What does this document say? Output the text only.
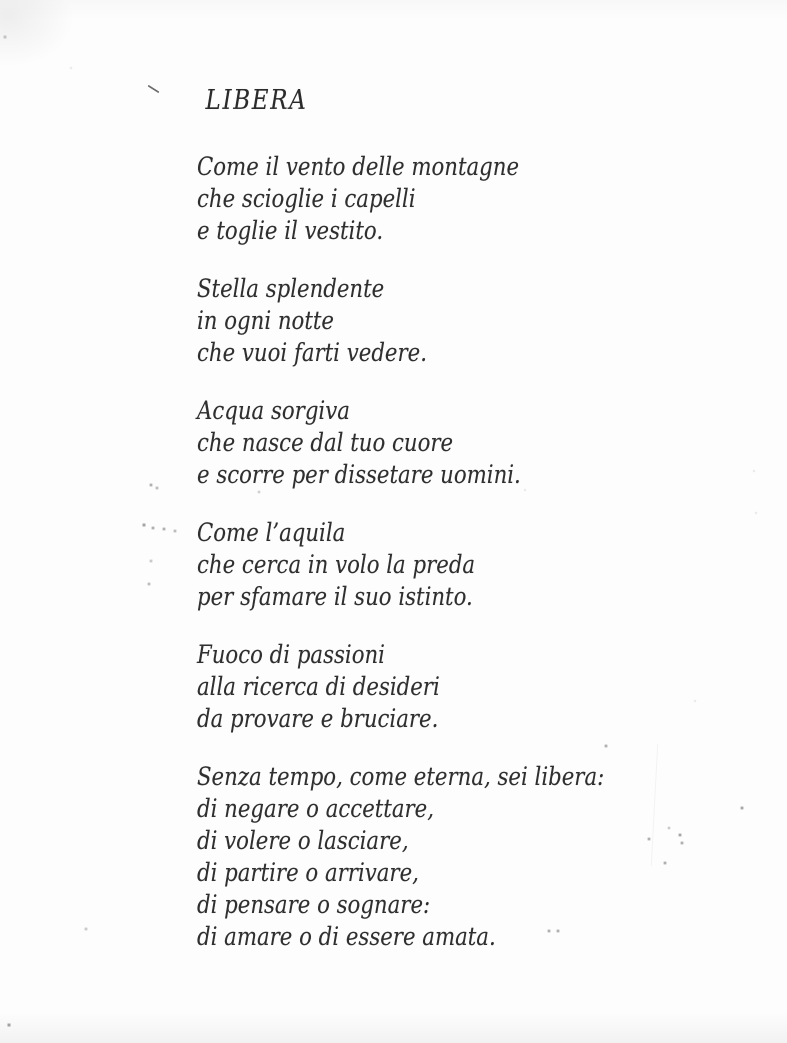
LIBERA

Come il vento delle montagne
che scioglie i capelli
e toglie il vestito.

Stella splendente
in ogni notte
che vuoi farti vedere.

Acqua sorgiva
che nasce dal tuo cuore
e scorre per dissetare uomini.

Come l’aquila
che cerca in volo la preda
per sfamare il suo istinto.

Fuoco di passioni
alla ricerca di desideri
da provare e bruciare.

Senza tempo, come eterna, sei libera:
di negare o accettare,
di volere o lasciare,
di partire o arrivare,
di pensare o sognare:
di amare o di essere amata.
